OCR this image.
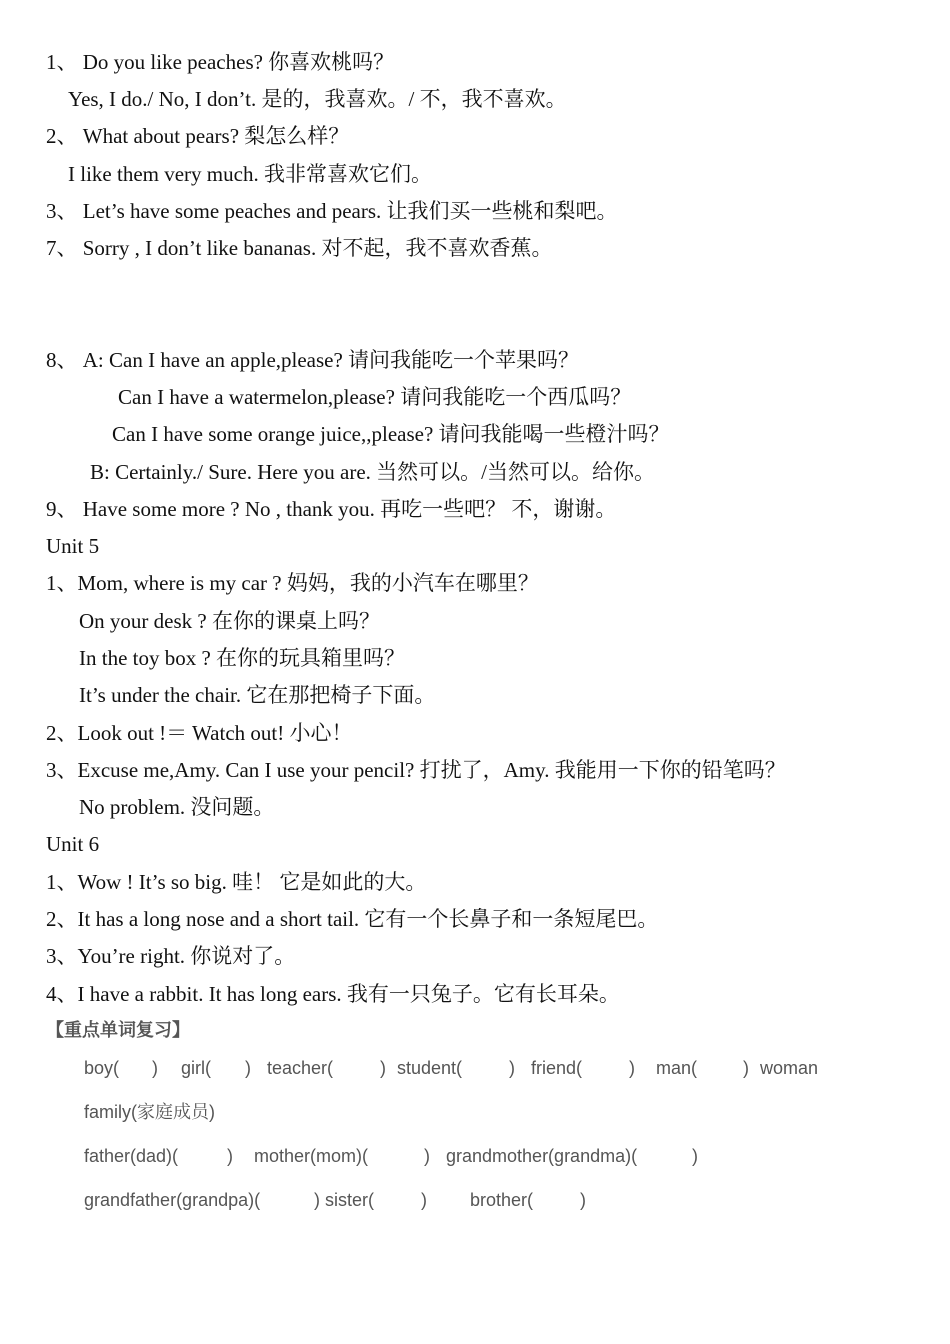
1、 Do you like peaches? 你喜欢桃吗？
Yes, I do./ No, I don’t. 是的，我喜欢。/ 不，我不喜欢。
2、 What about pears? 梨怎么样？
I like them very much. 我非常喜欢它们。
3、 Let’s have some peaches and pears. 让我们买一些桃和梨吧。
7、 Sorry , I don’t like bananas. 对不起，我不喜欢香蕉。
8、 A: Can I have an apple,please? 请问我能吃一个苹果吗？
Can I have a watermelon,please? 请问我能吃一个西瓜吗？
Can I have some orange juice,,please? 请问我能喝一些橙汁吗？
B: Certainly./ Sure. Here you are. 当然可以。/当然可以。给你。
9、 Have some more ? No , thank you. 再吃一些吧？ 不，谢谢。
Unit 5
1、Mom, where is my car ? 妈妈，我的小汽车在哪里？
On your desk ? 在你的课桌上吗？
In the toy box ? 在你的玩具箱里吗？
It’s under the chair. 它在那把椅子下面。
2、Look out !＝ Watch out! 小心！
3、Excuse me,Amy. Can I use your pencil? 打扰了，Amy. 我能用一下你的铅笔吗？
No problem. 没问题。
Unit 6
1、Wow ! It’s so big. 哇！ 它是如此的大。
2、It has a long nose and a short tail. 它有一个长鼻子和一条短尾巴。
3、You’re right. 你说对了。
4、I have a rabbit. It has long ears. 我有一只兔子。它有长耳朵。
【重点单词复习】
boy( ) girl( ) teacher(	) student(	) friend(	) man(	) woman
family(家庭成员)
father(dad)(	) mother(mom)(	) grandmother(grandma)(	)
grandfather(grandpa)(	) sister(	) brother(	)
